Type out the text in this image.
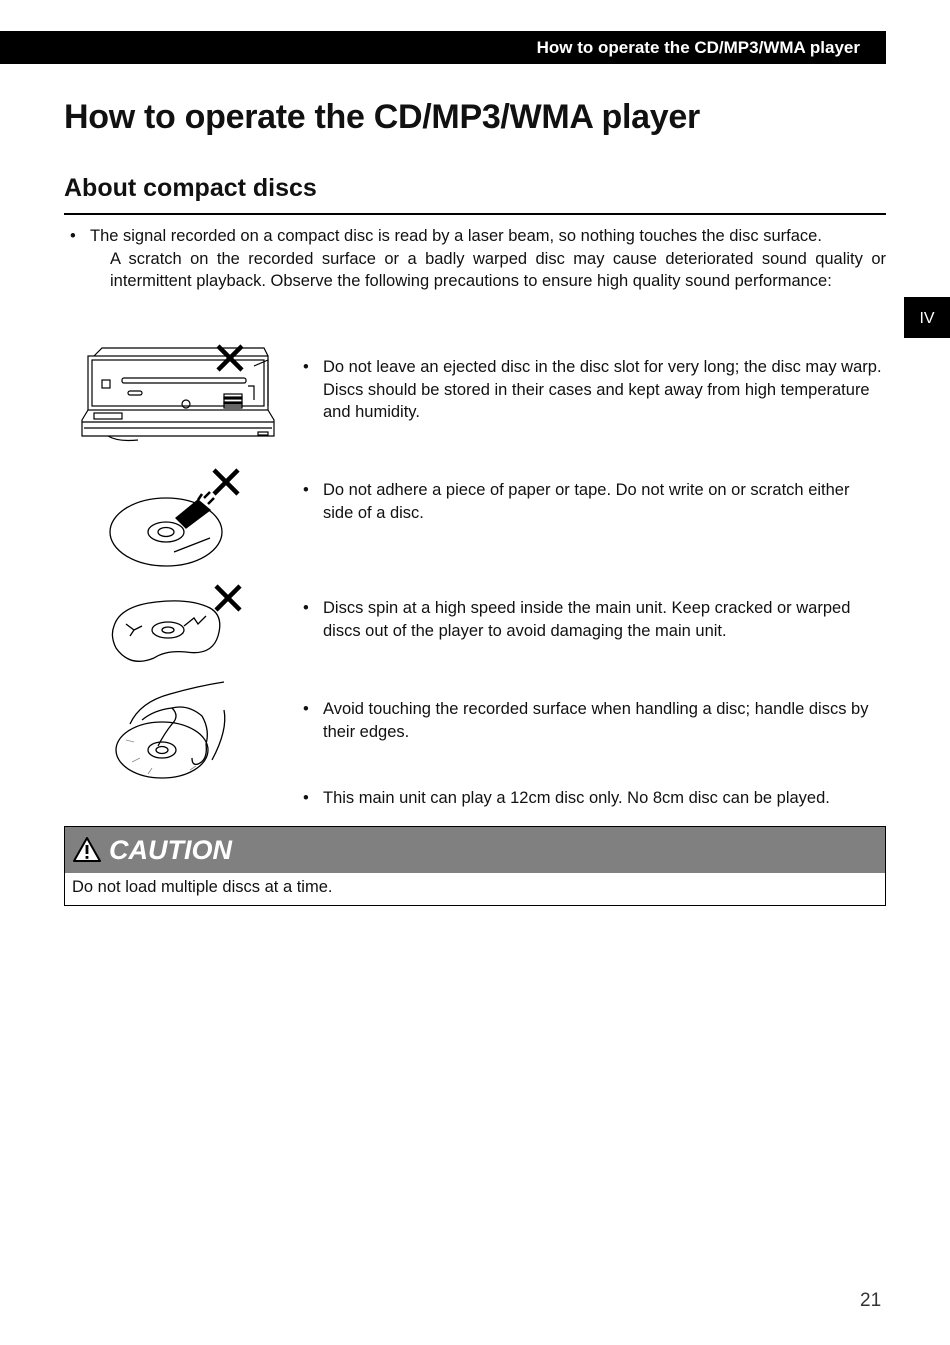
How to operate the CD/MP3/WMA player
IV
How to operate the CD/MP3/WMA player
About compact discs
• The signal recorded on a compact disc is read by a laser beam, so nothing touches the disc surface.
A scratch on the recorded surface or a badly warped disc may cause deteriorated sound quality or intermittent playback. Observe the following precautions to ensure high quality sound performance:
• Do not leave an ejected disc in the disc slot for very long; the disc may warp. Discs should be stored in their cases and kept away from high temperature and humidity.
• Do not adhere a piece of paper or tape. Do not write on or scratch either side of a disc.
• Discs spin at a high speed inside the main unit. Keep cracked or warped discs out of the player to avoid damaging the main unit.
• Avoid touching the recorded surface when handling a disc; handle discs by their edges.
• This main unit can play a 12cm disc only. No 8cm disc can be played.
CAUTION
Do not load multiple discs at a time.
21
